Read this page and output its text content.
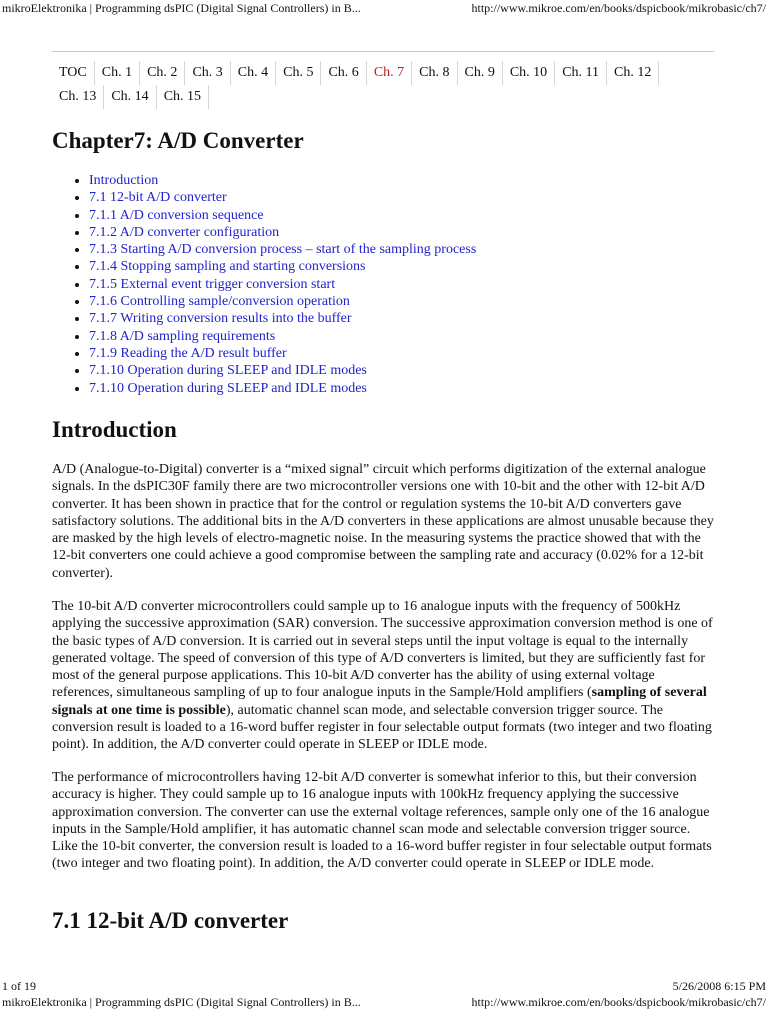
mikroElektronika | Programming dsPIC (Digital Signal Controllers) in B...	http://www.mikroe.com/en/books/dspicbook/mikrobasic/ch7/
TOC	Ch. 1	Ch. 2	Ch. 3	Ch. 4	Ch. 5	Ch. 6	Ch. 7	Ch. 8	Ch. 9	Ch. 10	Ch. 11	Ch. 12
Ch. 13	Ch. 14	Ch. 15
Chapter7: A/D Converter
• Introduction
• 7.1 12-bit A/D converter
• 7.1.1 A/D conversion sequence
• 7.1.2 A/D converter configuration
• 7.1.3 Starting A/D conversion process – start of the sampling process
• 7.1.4 Stopping sampling and starting conversions
• 7.1.5 External event trigger conversion start
• 7.1.6 Controlling sample/conversion operation
• 7.1.7 Writing conversion results into the buffer
• 7.1.8 A/D sampling requirements
• 7.1.9 Reading the A/D result buffer
• 7.1.10 Operation during SLEEP and IDLE modes
• 7.1.10 Operation during SLEEP and IDLE modes
Introduction

A/D (Analogue-to-Digital) converter is a “mixed signal” circuit which performs digitization of the external analogue signals. In the dsPIC30F family there are two microcontroller versions one with 10-bit and the other with 12-bit A/D converter. It has been shown in practice that for the control or regulation systems the 10-bit A/D converters gave satisfactory solutions. The additional bits in the A/D converters in these applications are almost unusable because they are masked by the high levels of electro-magnetic noise. In the measuring systems the practice showed that with the 12-bit converters one could achieve a good compromise between the sampling rate and accuracy (0.02% for a 12-bit converter).

The 10-bit A/D converter microcontrollers could sample up to 16 analogue inputs with the frequency of 500kHz applying the successive approximation (SAR) conversion. The successive approximation conversion method is one of the basic types of A/D conversion. It is carried out in several steps until the input voltage is equal to the internally generated voltage. The speed of conversion of this type of A/D converters is limited, but they are sufficiently fast for most of the general purpose applications. This 10-bit A/D converter has the ability of using external voltage references, simultaneous sampling of up to four analogue inputs in the Sample/Hold amplifiers (sampling of several signals at one time is possible), automatic channel scan mode, and selectable conversion trigger source. The conversion result is loaded to a 16-word buffer register in four selectable output formats (two integer and two floating point). In addition, the A/D converter could operate in SLEEP or IDLE mode.

The performance of microcontrollers having 12-bit A/D converter is somewhat inferior to this, but their conversion accuracy is higher. They could sample up to 16 analogue inputs with 100kHz frequency applying the successive approximation conversion. The converter can use the external voltage references, sample only one of the 16 analogue inputs in the Sample/Hold amplifier, it has automatic channel scan mode and selectable conversion trigger source. Like the 10-bit converter, the conversion result is loaded to a 16-word buffer register in four selectable output formats (two integer and two floating point). In addition, the A/D converter could operate in SLEEP or IDLE mode.

7.1 12-bit A/D converter
1 of 19	5/26/2008 6:15 PM
mikroElektronika | Programming dsPIC (Digital Signal Controllers) in B...	http://www.mikroe.com/en/books/dspicbook/mikrobasic/ch7/
